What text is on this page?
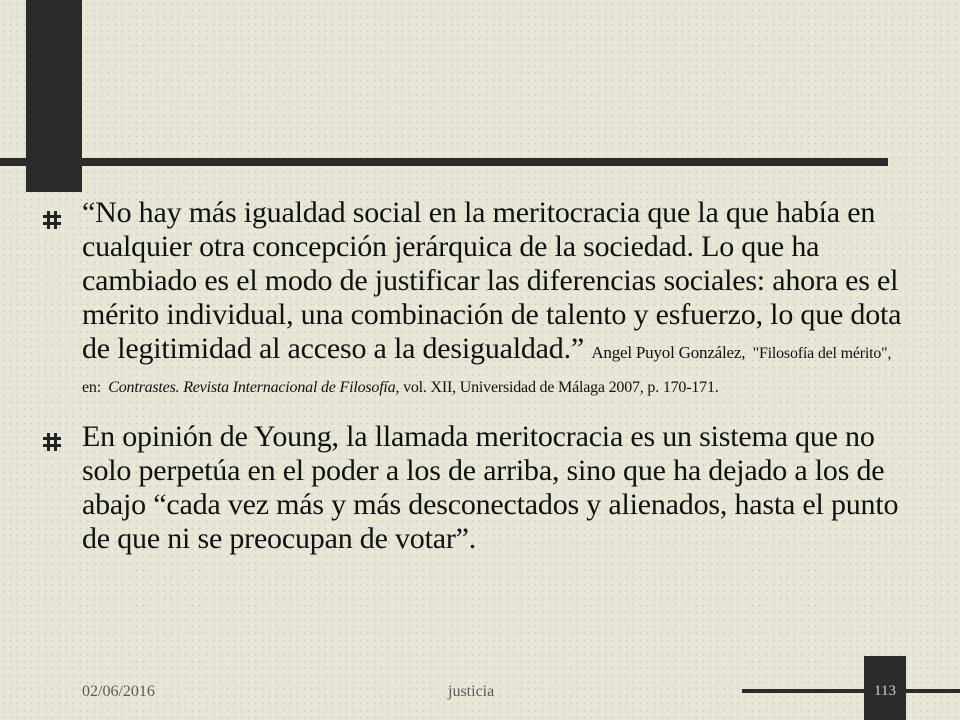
“No hay más igualdad social en la meritocracia que la que había en cualquier otra concepción jerárquica de la sociedad. Lo que ha cambiado es el modo de justificar las diferencias sociales: ahora es el mérito individual, una combinación de talento y esfuerzo, lo que dota de legitimidad al acceso a la desigualdad.” Angel Puyol González, "Filosofía del mérito", en: Contrastes. Revista Internacional de Filosofía, vol. XII, Universidad de Málaga 2007, p. 170-171.
En opinión de Young, la llamada meritocracia es un sistema que no solo perpetúa en el poder a los de arriba, sino que ha dejado a los de abajo “cada vez más y más desconectados y alienados, hasta el punto de que ni se preocupan de votar”.
02/06/2016	justicia	113
